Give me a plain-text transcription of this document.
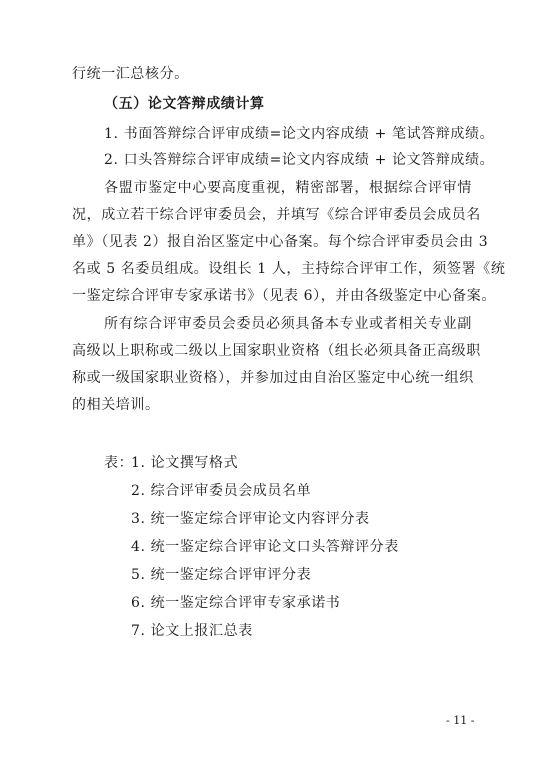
行统一汇总核分。
（五）论文答辩成绩计算
1. 书面答辩综合评审成绩=论文内容成绩 + 笔试答辩成绩。
2. 口头答辩综合评审成绩=论文内容成绩 + 论文答辩成绩。
各盟市鉴定中心要高度重视，精密部署，根据综合评审情
况，成立若干综合评审委员会，并填写《综合评审委员会成员名
单》（见表 2）报自治区鉴定中心备案。每个综合评审委员会由 3
名或 5 名委员组成。设组长 1 人，主持综合评审工作，须签署《统
一鉴定综合评审专家承诺书》（见表 6），并由各级鉴定中心备案。
所有综合评审委员会委员必须具备本专业或者相关专业副
高级以上职称或二级以上国家职业资格（组长必须具备正高级职
称或一级国家职业资格），并参加过由自治区鉴定中心统一组织
的相关培训。
表：
1. 论文撰写格式
2. 综合评审委员会成员名单
3. 统一鉴定综合评审论文内容评分表
4. 统一鉴定综合评审论文口头答辩评分表
5. 统一鉴定综合评审评分表
6. 统一鉴定综合评审专家承诺书
7. 论文上报汇总表
- 11 -
